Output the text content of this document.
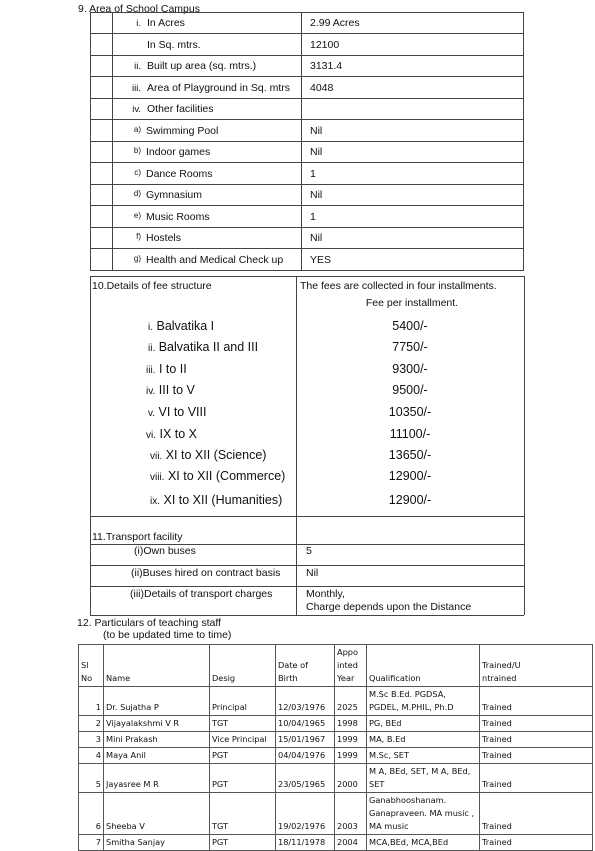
9. Area of School Campus
	i. In Acres	2.99 Acres
	In Sq. mtrs.	12100
	ii. Built up area (sq. mtrs.)	3131.4
	iii. Area of Playground in Sq. mtrs	4048
	iv. Other facilities	
	a) Swimming Pool	Nil
	b) Indoor games	Nil
	c) Dance Rooms	1
	d) Gymnasium	Nil
	e) Music Rooms	1
	f) Hostels	Nil
	g) Health and Medical Check up	YES
10.Details of fee structure	The fees are collected in four installments.
Fee per installment.
i. Balvatika I	5400/-
ii. Balvatika II and III	7750/-
iii. I to II	9300/-
iv. III to V	9500/-
v. VI to VIII	10350/-
vi. IX to X	11100/-
vii. XI to XII (Science)	13650/-
viii. XI to XII (Commerce)	12900/-
ix. XI to XII (Humanities)	12900/-
11.Transport facility
(i)Own buses	5
(ii)Buses hired on contract basis Nil
(iii)Details of transport charges	Monthly,
Charge depends upon the Distance
12. Particulars of teaching staff
(to be updated time to time)
Sl
No	Name	Desig	Date of
Birth	Appo
inted
Year	Qualification	Trained/U
ntrained
1	Dr. Sujatha P	Principal	12/03/1976	2025	M.Sc B.Ed. PGDSA,
PGDEL, M.PHIL, Ph.D	Trained
2	Vijayalakshmi V R	TGT	10/04/1965	1998	PG, BEd	Trained
3	Mini Prakash	Vice Principal	15/01/1967	1999	MA, B.Ed	Trained
4	Maya Anil	PGT	04/04/1976	1999	M.Sc, SET	Trained
5	Jayasree M R	PGT	23/05/1965	2000	M A, BEd, SET, M A, BEd,
SET	Trained
6	Sheeba V	TGT	19/02/1976	2003	Ganabhooshanam.
Ganapraveen. MA music ,
MA music	Trained
7	Smitha Sanjay	PGT	18/11/1978	2004	MCA,BEd, MCA,BEd	Trained
